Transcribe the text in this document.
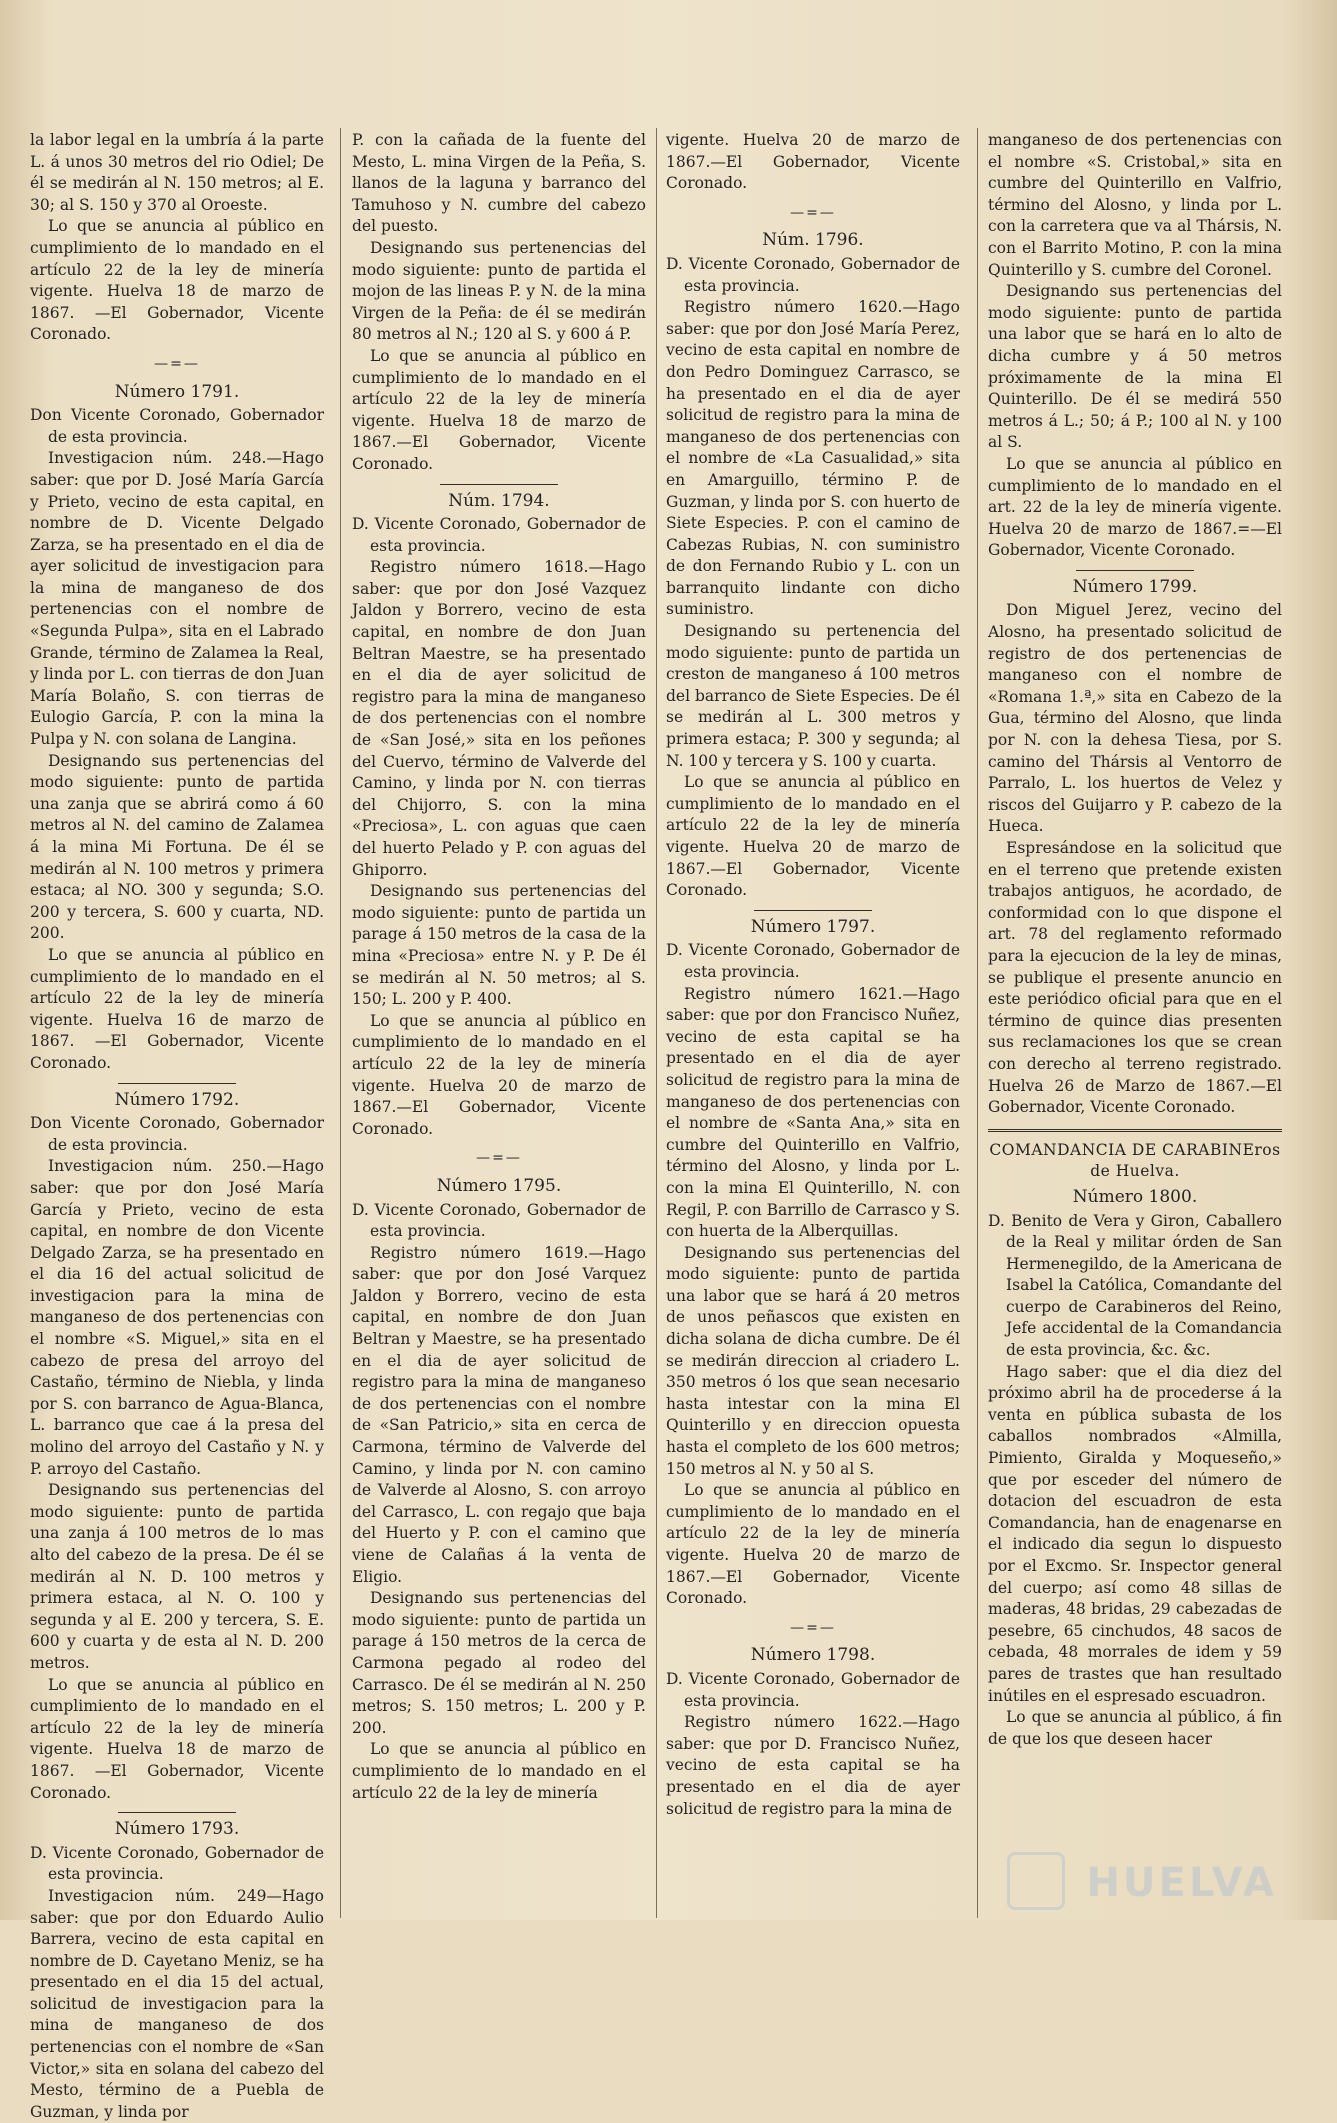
la labor legal en la umbría á la parte L. á unos 30 metros del rio Odiel; De él se medirán al N. 150 metros; al E. 30; al S. 150 y 370 al Oroeste.

Lo que se anuncia al público en cumplimiento de lo mandado en el artículo 22 de la ley de minería vigente. Huelva 18 de marzo de 1867. —El Gobernador, Vicente Coronado.

—=—

Número 1791.

Don Vicente Coronado, Gobernador de esta provincia.

Investigacion núm. 248.—Hago saber: que por D. José María García y Prieto, vecino de esta capital, en nombre de D. Vicente Delgado Zarza, se ha presentado en el dia de ayer solicitud de investigacion para la mina de manganeso de dos pertenencias con el nombre de «Segunda Pulpa», sita en el Labrado Grande, término de Zalamea la Real, y linda por L. con tierras de don Juan María Bolaño, S. con tierras de Eulogio García, P. con la mina la Pulpa y N. con solana de Langina.

Designando sus pertenencias del modo siguiente: punto de partida una zanja que se abrirá como á 60 metros al N. del camino de Zalamea á la mina Mi Fortuna. De él se medirán al N. 100 metros y primera estaca; al NO. 300 y segunda; S.O. 200 y tercera, S. 600 y cuarta, ND. 200.

Lo que se anuncia al público en cumplimiento de lo mandado en el artículo 22 de la ley de minería vigente. Huelva 16 de marzo de 1867. —El Gobernador, Vicente Coronado.

Número 1792.

Don Vicente Coronado, Gobernador de esta provincia.

Investigacion núm. 250.—Hago saber: que por don José María García y Prieto, vecino de esta capital, en nombre de don Vicente Delgado Zarza, se ha presentado en el dia 16 del actual solicitud de investigacion para la mina de manganeso de dos pertenencias con el nombre «S. Miguel,» sita en el cabezo de presa del arroyo del Castaño, término de Niebla, y linda por S. con barranco de Agua-Blanca, L. barranco que cae á la presa del molino del arroyo del Castaño y N. y P. arroyo del Castaño.

Designando sus pertenencias del modo siguiente: punto de partida una zanja á 100 metros de lo mas alto del cabezo de la presa. De él se medirán al N. D. 100 metros y primera estaca, al N. O. 100 y segunda y al E. 200 y tercera, S. E. 600 y cuarta y de esta al N. D. 200 metros.

Lo que se anuncia al público en cumplimiento de lo mandado en el artículo 22 de la ley de minería vigente. Huelva 18 de marzo de 1867. —El Gobernador, Vicente Coronado.

Número 1793.

D. Vicente Coronado, Gobernador de esta provincia.

Investigacion núm. 249—Hago saber: que por don Eduardo Aulio Barrera, vecino de esta capital en nombre de D. Cayetano Meniz, se ha presentado en el dia 15 del actual, solicitud de investigacion para la mina de manganeso de dos pertenencias con el nombre de «San Victor,» sita en solana del cabezo del Mesto, término de a Puebla de Guzman, y linda por

P. con la cañada de la fuente del Mesto, L. mina Virgen de la Peña, S. llanos de la laguna y barranco del Tamuhoso y N. cumbre del cabezo del puesto.

Designando sus pertenencias del modo siguiente: punto de partida el mojon de las lineas P. y N. de la mina Virgen de la Peña: de él se medirán 80 metros al N.; 120 al S. y 600 á P.

Lo que se anuncia al público en cumplimiento de lo mandado en el artículo 22 de la ley de minería vigente. Huelva 18 de marzo de 1867.—El Gobernador, Vicente Coronado.

Núm. 1794.

D. Vicente Coronado, Gobernador de esta provincia.

Registro número 1618.—Hago saber: que por don José Vazquez Jaldon y Borrero, vecino de esta capital, en nombre de don Juan Beltran Maestre, se ha presentado en el dia de ayer solicitud de registro para la mina de manganeso de dos pertenencias con el nombre de «San José,» sita en los peñones del Cuervo, término de Valverde del Camino, y linda por N. con tierras del Chijorro, S. con la mina «Preciosa», L. con aguas que caen del huerto Pelado y P. con aguas del Ghiporro.

Designando sus pertenencias del modo siguiente: punto de partida un parage á 150 metros de la casa de la mina «Preciosa» entre N. y P. De él se medirán al N. 50 metros; al S. 150; L. 200 y P. 400.

Lo que se anuncia al público en cumplimiento de lo mandado en el artículo 22 de la ley de minería vigente. Huelva 20 de marzo de 1867.—El Gobernador, Vicente Coronado.

—=—

Número 1795.

D. Vicente Coronado, Gobernador de esta provincia.

Registro número 1619.—Hago saber: que por don José Varquez Jaldon y Borrero, vecino de esta capital, en nombre de don Juan Beltran y Maestre, se ha presentado en el dia de ayer solicitud de registro para la mina de manganeso de dos pertenencias con el nombre de «San Patricio,» sita en cerca de Carmona, término de Valverde del Camino, y linda por N. con camino de Valverde al Alosno, S. con arroyo del Carrasco, L. con regajo que baja del Huerto y P. con el camino que viene de Calañas á la venta de Eligio.

Designando sus pertenencias del modo siguiente: punto de partida un parage á 150 metros de la cerca de Carmona pegado al rodeo del Carrasco. De él se medirán al N. 250 metros; S. 150 metros; L. 200 y P. 200.

Lo que se anuncia al público en cumplimiento de lo mandado en el artículo 22 de la ley de minería

vigente. Huelva 20 de marzo de 1867.—El Gobernador, Vicente Coronado.

—=—

Núm. 1796.

D. Vicente Coronado, Gobernador de esta provincia.

Registro número 1620.—Hago saber: que por don José María Perez, vecino de esta capital en nombre de don Pedro Dominguez Carrasco, se ha presentado en el dia de ayer solicitud de registro para la mina de manganeso de dos pertenencias con el nombre de «La Casualidad,» sita en Amarguillo, término P. de Guzman, y linda por S. con huerto de Siete Especies. P. con el camino de Cabezas Rubias, N. con suministro de don Fernando Rubio y L. con un barranquito lindante con dicho suministro.

Designando su pertenencia del modo siguiente: punto de partida un creston de manganeso á 100 metros del barranco de Siete Especies. De él se medirán al L. 300 metros y primera estaca; P. 300 y segunda; al N. 100 y tercera y S. 100 y cuarta.

Lo que se anuncia al público en cumplimiento de lo mandado en el artículo 22 de la ley de minería vigente. Huelva 20 de marzo de 1867.—El Gobernador, Vicente Coronado.

Número 1797.

D. Vicente Coronado, Gobernador de esta provincia.

Registro número 1621.—Hago saber: que por don Francisco Nuñez, vecino de esta capital se ha presentado en el dia de ayer solicitud de registro para la mina de manganeso de dos pertenencias con el nombre de «Santa Ana,» sita en cumbre del Quinterillo en Valfrio, término del Alosno, y linda por L. con la mina El Quinterillo, N. con Regil, P. con Barrillo de Carrasco y S. con huerta de la Alberquillas.

Designando sus pertenencias del modo siguiente: punto de partida una labor que se hará á 20 metros de unos peñascos que existen en dicha solana de dicha cumbre. De él se medirán direccion al criadero L. 350 metros ó los que sean necesario hasta intestar con la mina El Quinterillo y en direccion opuesta hasta el completo de los 600 metros; 150 metros al N. y 50 al S.

Lo que se anuncia al público en cumplimiento de lo mandado en el artículo 22 de la ley de minería vigente. Huelva 20 de marzo de 1867.—El Gobernador, Vicente Coronado.

—=—

Número 1798.

D. Vicente Coronado, Gobernador de esta provincia.

Registro número 1622.—Hago saber: que por D. Francisco Nuñez, vecino de esta capital se ha presentado en el dia de ayer solicitud de registro para la mina de

manganeso de dos pertenencias con el nombre «S. Cristobal,» sita en cumbre del Quinterillo en Valfrio, término del Alosno, y linda por L. con la carretera que va al Thársis, N. con el Barrito Motino, P. con la mina Quinterillo y S. cumbre del Coronel.

Designando sus pertenencias del modo siguiente: punto de partida una labor que se hará en lo alto de dicha cumbre y á 50 metros próximamente de la mina El Quinterillo. De él se medirá 550 metros á L.; 50; á P.; 100 al N. y 100 al S.

Lo que se anuncia al público en cumplimiento de lo mandado en el art. 22 de la ley de minería vigente. Huelva 20 de marzo de 1867.=—El Gobernador, Vicente Coronado.

Número 1799.

Don Miguel Jerez, vecino del Alosno, ha presentado solicitud de registro de dos pertenencias de manganeso con el nombre de «Romana 1.ª,» sita en Cabezo de la Gua, término del Alosno, que linda por N. con la dehesa Tiesa, por S. camino del Thársis al Ventorro de Parralo, L. los huertos de Velez y riscos del Guijarro y P. cabezo de la Hueca.

Espresándose en la solicitud que en el terreno que pretende existen trabajos antiguos, he acordado, de conformidad con lo que dispone el art. 78 del reglamento reformado para la ejecucion de la ley de minas, se publique el presente anuncio en este periódico oficial para que en el término de quince dias presenten sus reclamaciones los que se crean con derecho al terreno registrado. Huelva 26 de Marzo de 1867.—El Gobernador, Vicente Coronado.

COMANDANCIA DE CARABINEros de Huelva.

Número 1800.

D. Benito de Vera y Giron, Caballero de la Real y militar órden de San Hermenegildo, de la Americana de Isabel la Católica, Comandante del cuerpo de Carabineros del Reino, Jefe accidental de la Comandancia de esta provincia, &c. &c.

Hago saber: que el dia diez del próximo abril ha de procederse á la venta en pública subasta de los caballos nombrados «Almilla, Pimiento, Giralda y Moqueseño,» que por esceder del número de dotacion del escuadron de esta Comandancia, han de enagenarse en el indicado dia segun lo dispuesto por el Excmo. Sr. Inspector general del cuerpo; así como 48 sillas de maderas, 48 bridas, 29 cabezadas de pesebre, 65 cinchudos, 48 sacos de cebada, 48 morrales de idem y 59 pares de trastes que han resultado inútiles en el espresado escuadron.

Lo que se anuncia al público, á fin de que los que deseen hacer

HUELVA
